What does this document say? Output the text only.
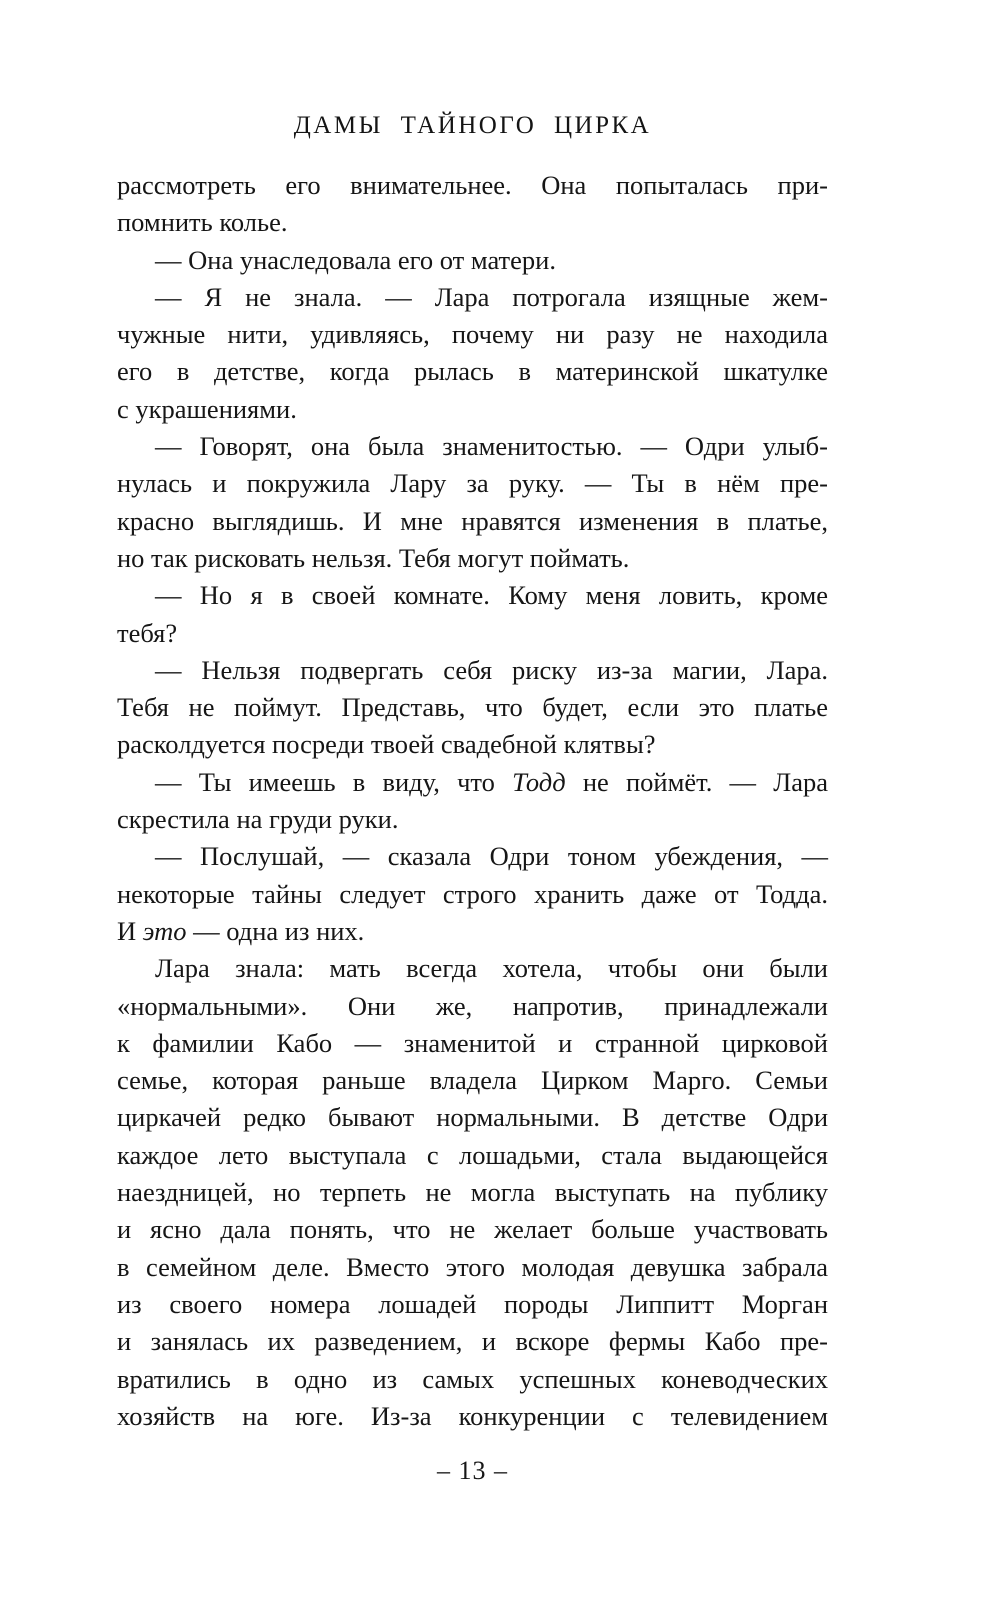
ДАМЫ ТАЙНОГО ЦИРКА
рассмотреть его внимательнее. Она попыталась при-
помнить колье.
— Она унаследовала его от матери.
— Я не знала. — Лара потрогала изящные жем-
чужные нити, удивляясь, почему ни разу не находила
его в детстве, когда рылась в материнской шкатулке
с украшениями.
— Говорят, она была знаменитостью. — Одри улыб-
нулась и покружила Лару за руку. — Ты в нём пре-
красно выглядишь. И мне нравятся изменения в платье,
но так рисковать нельзя. Тебя могут поймать.
— Но я в своей комнате. Кому меня ловить, кроме
тебя?
— Нельзя подвергать себя риску из-за магии, Лара.
Тебя не поймут. Представь, что будет, если это платье
расколдуется посреди твоей свадебной клятвы?
— Ты имеешь в виду, что Тодд не поймёт. — Лара
скрестила на груди руки.
— Послушай, — сказала Одри тоном убеждения, —
некоторые тайны следует строго хранить даже от Тодда.
И это — одна из них.
Лара знала: мать всегда хотела, чтобы они были
«нормальными». Они же, напротив, принадлежали
к фамилии Кабо — знаменитой и странной цирковой
семье, которая раньше владела Цирком Марго. Семьи
циркачей редко бывают нормальными. В детстве Одри
каждое лето выступала с лошадьми, стала выдающейся
наездницей, но терпеть не могла выступать на публику
и ясно дала понять, что не желает больше участвовать
в семейном деле. Вместо этого молодая девушка забрала
из своего номера лошадей породы Липпитт Морган
и занялась их разведением, и вскоре фермы Кабо пре-
вратились в одно из самых успешных коневодческих
хозяйств на юге. Из-за конкуренции с телевидением
– 13 –
